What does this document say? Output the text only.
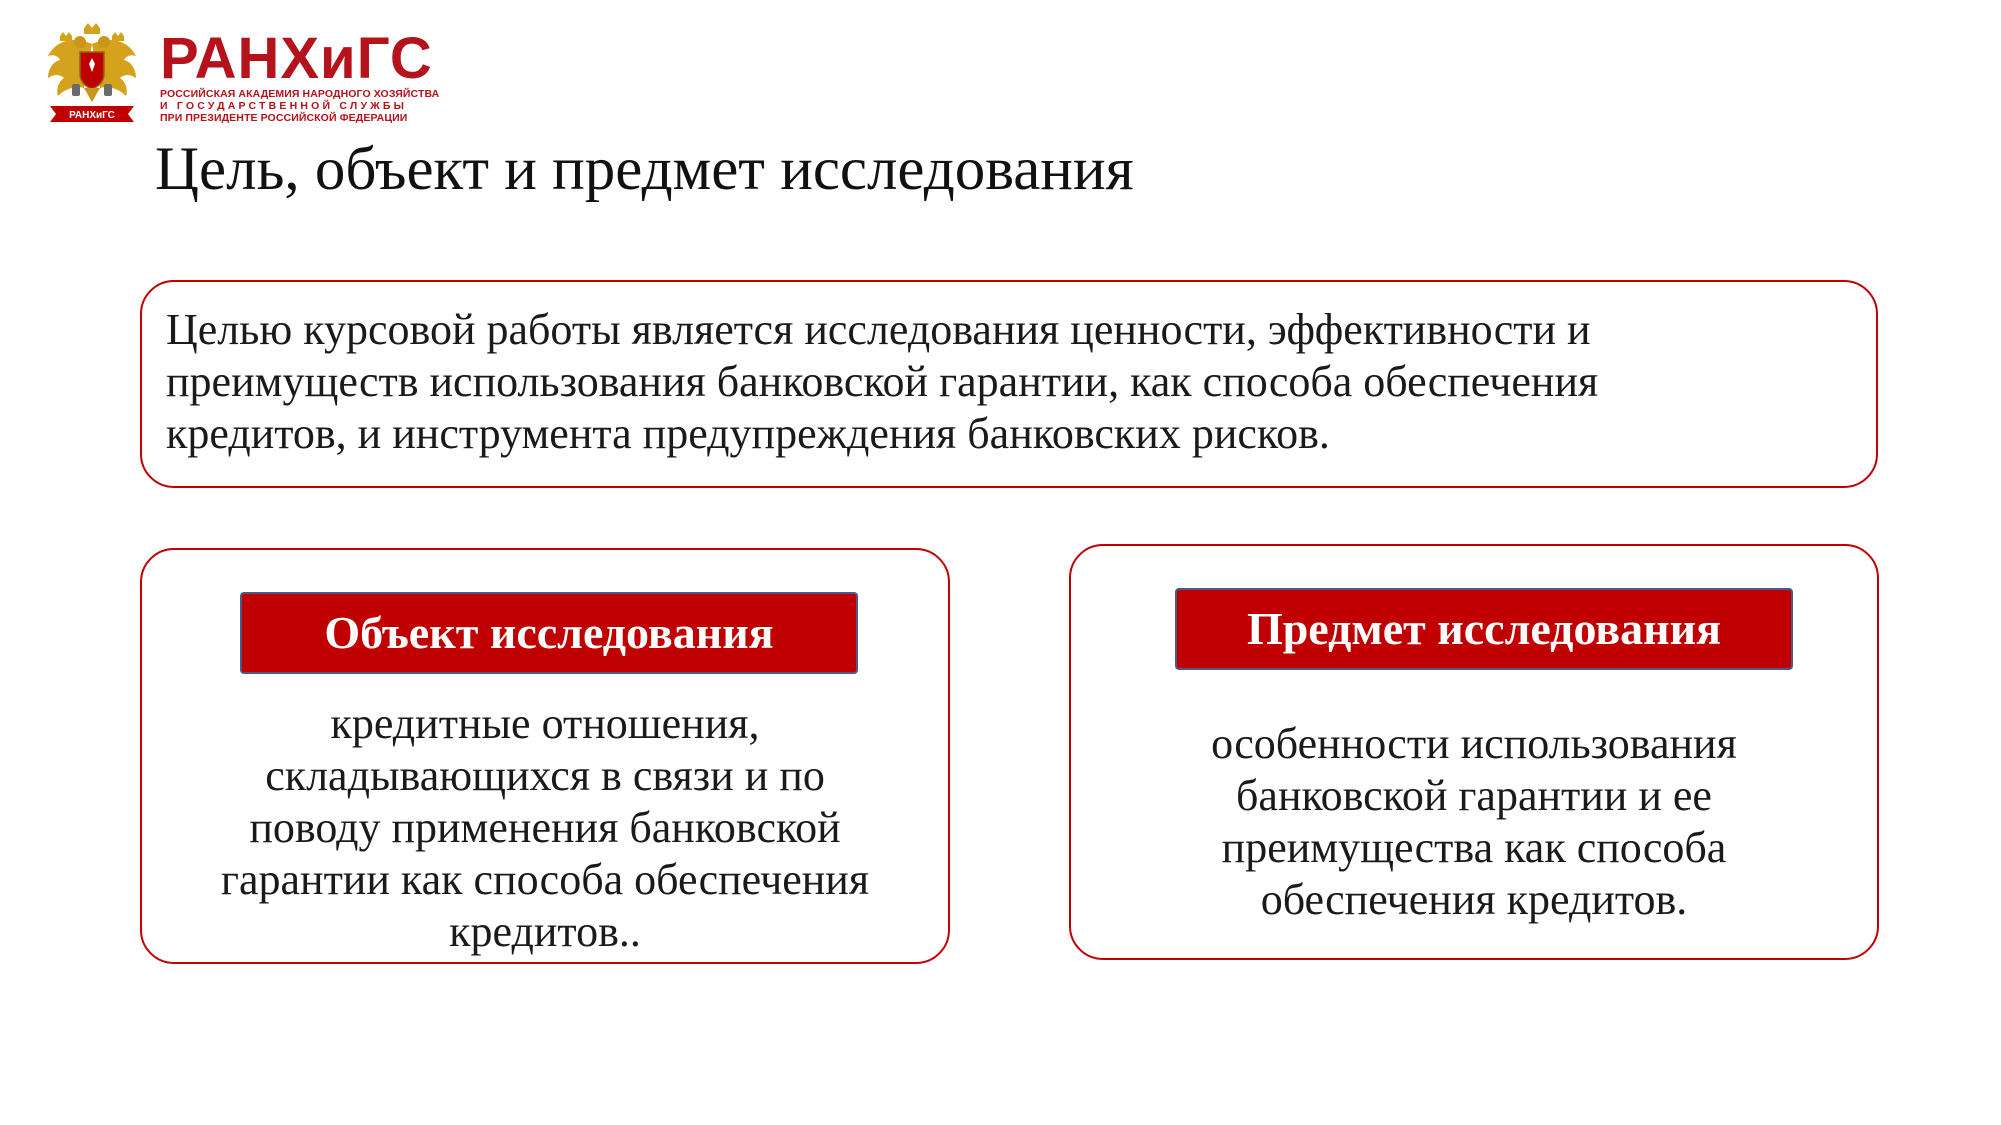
РАНХиГС
РАНХиГС
РОССИЙСКАЯ АКАДЕМИЯ НАРОДНОГО ХОЗЯЙСТВА
И ГОСУДАРСТВЕННОЙ СЛУЖБЫ
ПРИ ПРЕЗИДЕНТЕ РОССИЙСКОЙ ФЕДЕРАЦИИ
Цель, объект и предмет исследования

Целью курсовой работы является исследования ценности, эффективности и
преимуществ использования банковской гарантии, как способа обеспечения
кредитов, и инструмента предупреждения банковских рисков.

Объект исследования

кредитные отношения,
складывающихся в связи и по
поводу применения банковской
гарантии как способа обеспечения
кредитов..

Предмет исследования

особенности использования
банковской гарантии и ее
преимущества как способа
обеспечения кредитов.
